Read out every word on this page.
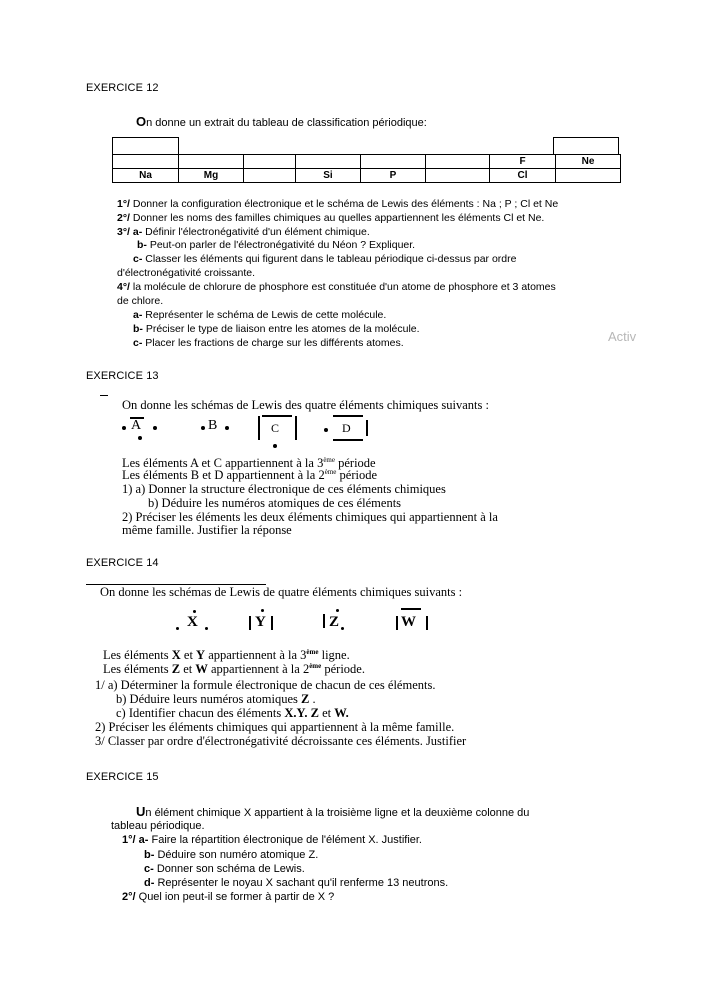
EXERCICE 12
On donne un extrait du tableau de classification périodique:
						F	Ne
Na	Mg		Si	P		Cl	
1°/ Donner la configuration électronique et le schéma de Lewis des éléments : Na ; P ; Cl et Ne
2°/ Donner les noms des familles chimiques au quelles appartiennent les éléments Cl et Ne.
3°/ a- Définir l'électronégativité d'un élément chimique.
b- Peut-on parler de l'électronégativité du Néon ? Expliquer.
c- Classer les éléments qui figurent dans le tableau périodique ci-dessus par ordre
d'électronégativité croissante.
4°/ la molécule de chlorure de phosphore est constituée d'un atome de phosphore et 3 atomes
de chlore.
a- Représenter le schéma de Lewis de cette molécule.
b- Préciser le type de liaison entre les atomes de la molécule.
c- Placer les fractions de charge sur les différents atomes.	Activ
EXERCICE 13
On donne les schémas de Lewis des quatre éléments chimiques suivants :
A	B	C	D
Les éléments A et C appartiennent à la 3ème période
Les éléments B et D appartiennent à la 2ème période
1) a) Donner la structure électronique de ces éléments chimiques
b) Déduire les numéros atomiques de ces éléments
2) Préciser les éléments les deux éléments chimiques qui appartiennent à la
même famille. Justifier la réponse
EXERCICE 14
On donne les schémas de Lewis de quatre éléments chimiques suivants :
X	Y	Z	W
Les éléments X et Y appartiennent à la 3ème ligne.
Les éléments Z et W appartiennent à la 2ème période.
1/ a) Déterminer la formule électronique de chacun de ces éléments.
b) Déduire leurs numéros atomiques Z .
c) Identifier chacun des éléments X.Y. Z et W.
2) Préciser les éléments chimiques qui appartiennent à la même famille.
3/ Classer par ordre d'électronégativité décroissante ces éléments. Justifier
EXERCICE 15
Un élément chimique X appartient à la troisième ligne et la deuxième colonne du
tableau périodique.
1°/ a- Faire la répartition électronique de l'élément X. Justifier.
b- Déduire son numéro atomique Z.
c- Donner son schéma de Lewis.
d- Représenter le noyau X sachant qu'il renferme 13 neutrons.
2°/ Quel ion peut-il se former à partir de X ?
